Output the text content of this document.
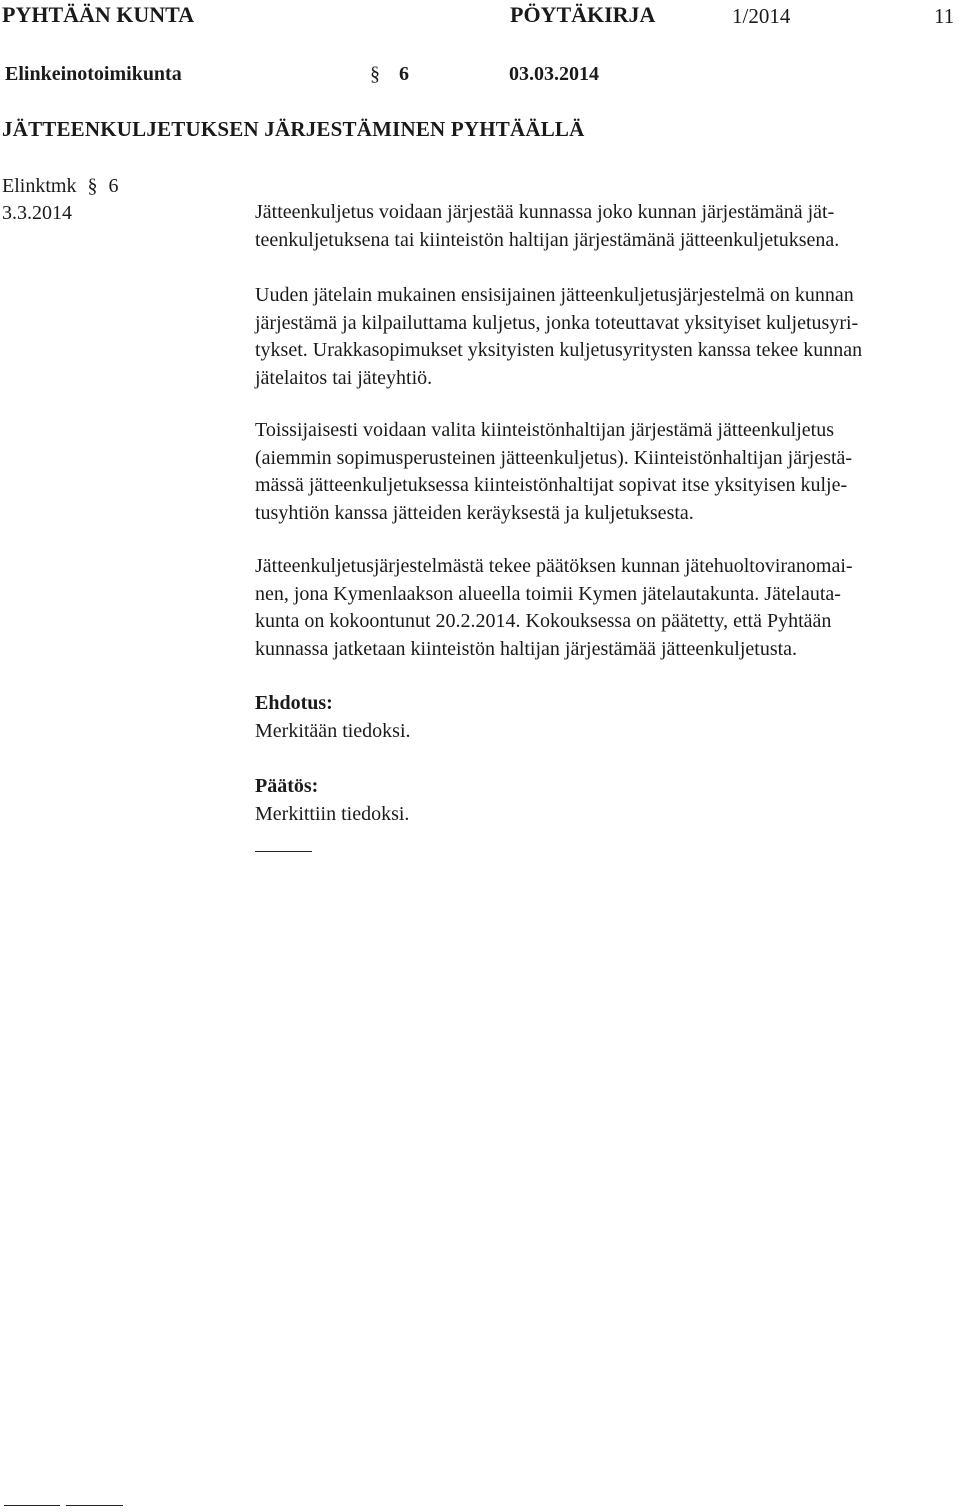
PYHTÄÄN KUNTA	PÖYTÄKIRJA	1/2014	11
Elinkeinotoimikunta	§ 6	03.03.2014
JÄTTEENKULJETUKSEN JÄRJESTÄMINEN PYHTÄÄLLÄ
Elinktmk § 6
3.3.2014	Jätteenkuljetus voidaan järjestää kunnassa joko kunnan järjestämänä jät-
teenkuljetuksena tai kiinteistön haltijan järjestämänä jätteenkuljetuksena.
Uuden jätelain mukainen ensisijainen jätteenkuljetusjärjestelmä on kunnan
järjestämä ja kilpailuttama kuljetus, jonka toteuttavat yksityiset kuljetusyri-
tykset. Urakkasopimukset yksityisten kuljetusyritysten kanssa tekee kunnan
jätelaitos tai jäteyhtiö.
Toissijaisesti voidaan valita kiinteistönhaltijan järjestämä jätteenkuljetus
(aiemmin sopimusperusteinen jätteenkuljetus). Kiinteistönhaltijan järjestä-
mässä jätteenkuljetuksessa kiinteistönhaltijat sopivat itse yksityisen kulje-
tusyhtiön kanssa jätteiden keräyksestä ja kuljetuksesta.
Jätteenkuljetusjärjestelmästä tekee päätöksen kunnan jätehuoltoviranomai-
nen, jona Kymenlaakson alueella toimii Kymen jätelautakunta. Jätelauta-
kunta on kokoontunut 20.2.2014. Kokouksessa on päätetty, että Pyhtään
kunnassa jatketaan kiinteistön haltijan järjestämää jätteenkuljetusta.
Ehdotus:
Merkitään tiedoksi.
Päätös:
Merkittiin tiedoksi.
